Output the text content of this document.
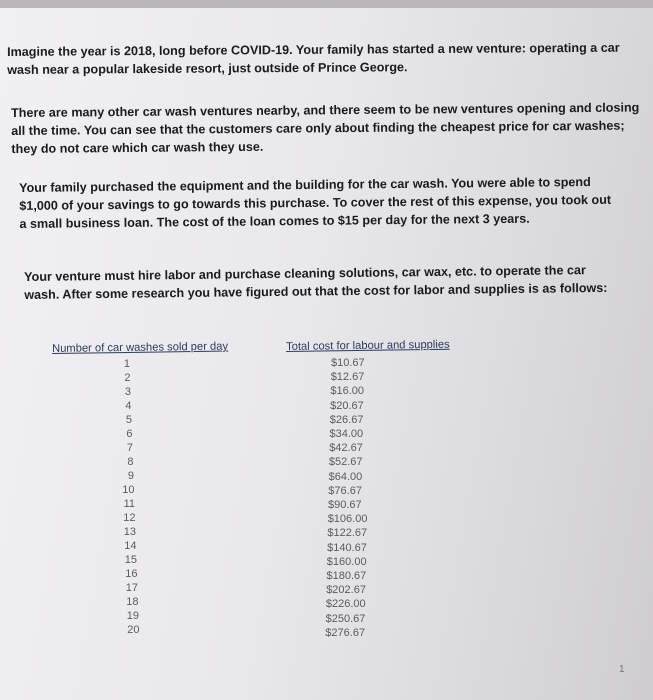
Imagine the year is 2018, long before COVID-19. Your family has started a new venture: operating a car wash near a popular lakeside resort, just outside of Prince George.

There are many other car wash ventures nearby, and there seem to be new ventures opening and closing all the time. You can see that the customers care only about finding the cheapest price for car washes; they do not care which car wash they use.

Your family purchased the equipment and the building for the car wash. You were able to spend $1,000 of your savings to go towards this purchase. To cover the rest of this expense, you took out a small business loan. The cost of the loan comes to $15 per day for the next 3 years.

Your venture must hire labor and purchase cleaning solutions, car wax, etc. to operate the car wash. After some research you have figured out that the cost for labor and supplies is as follows:

Number of car washes sold per day	Total cost for labour and supplies
1	$10.67
2	$12.67
3	$16.00
4	$20.67
5	$26.67
6	$34.00
7	$42.67
8	$52.67
9	$64.00
10	$76.67
11	$90.67
12	$106.00
13	$122.67
14	$140.67
15	$160.00
16	$180.67
17	$202.67
18	$226.00
19	$250.67
20	$276.67
1
